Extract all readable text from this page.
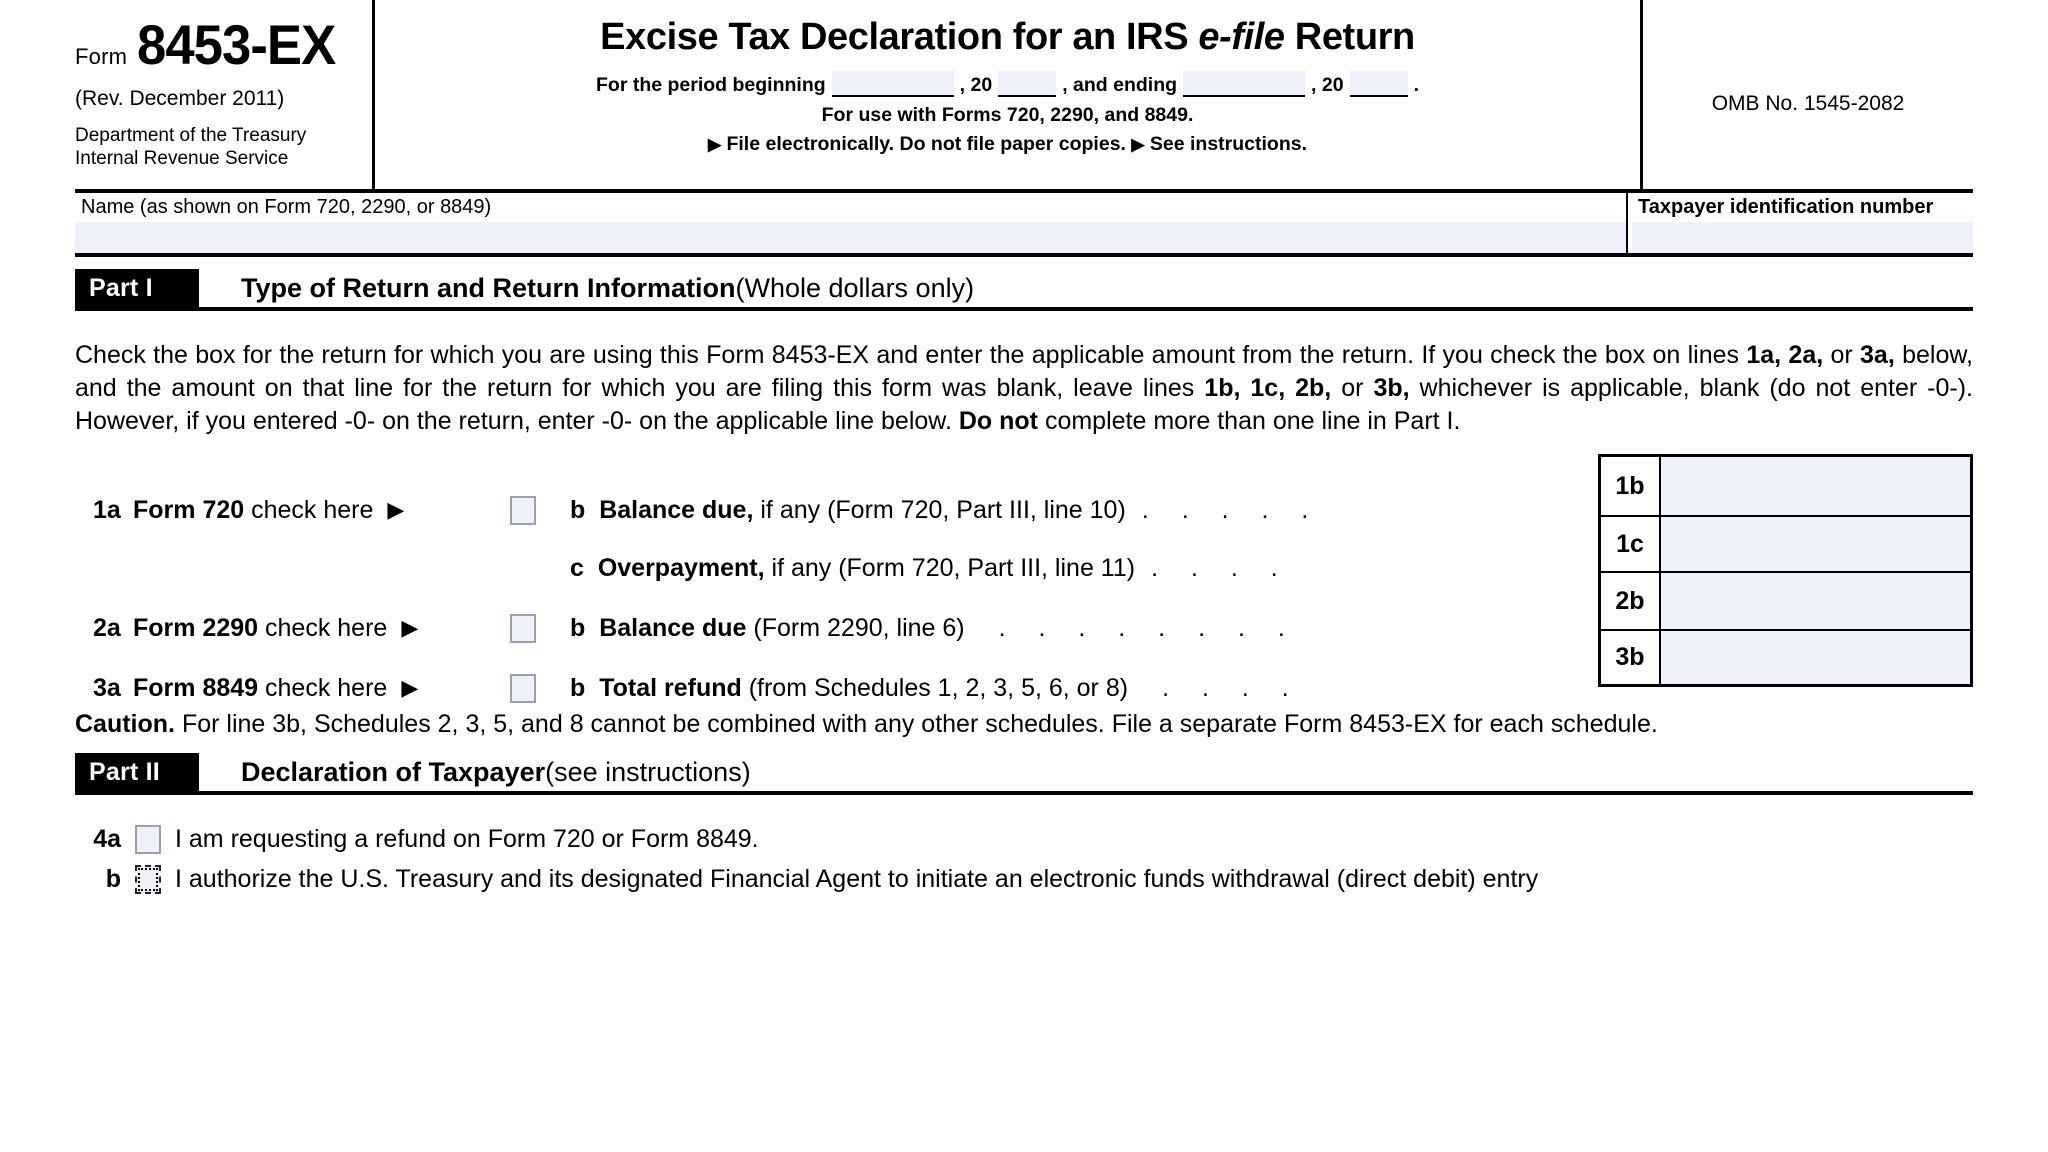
Form 8453-EX
(Rev. December 2011)
Department of the Treasury
Internal Revenue Service
Excise Tax Declaration for an IRS e-file Return
For the period beginning	, 20	, and ending	, 20	.
For use with Forms 720, 2290, and 8849.
▶ File electronically. Do not file paper copies. ▶ See instructions.
OMB No. 1545-2082
Name (as shown on Form 720, 2290, or 8849)	Taxpayer identification number
Part I	Type of Return and Return Information (Whole dollars only)
Check the box for the return for which you are using this Form 8453-EX and enter the applicable amount from the return. If you check the box on lines 1a, 2a, or 3a, below, and the amount on that line for the return for which you are filing this form was blank, leave lines 1b, 1c, 2b, or 3b, whichever is applicable, blank (do not enter -0-). However, if you entered -0- on the return, enter -0- on the applicable line below. Do not complete more than one line in Part I.
1b
1c
2b
3b
1a Form 720 check here ▶	b Balance due, if any (Form 720, Part III, line 10) . . . . .
c Overpayment, if any (Form 720, Part III, line 11) . . . .
2a Form 2290 check here ▶	b Balance due (Form 2290, line 6) . . . . . . . .
3a Form 8849 check here ▶	b Total refund (from Schedules 1, 2, 3, 5, 6, or 8) . . . .
Caution. For line 3b, Schedules 2, 3, 5, and 8 cannot be combined with any other schedules. File a separate Form 8453-EX for each schedule.
Part II	Declaration of Taxpayer (see instructions)
4a I am requesting a refund on Form 720 or Form 8849.
b I authorize the U.S. Treasury and its designated Financial Agent to initiate an electronic funds withdrawal (direct debit) entry
